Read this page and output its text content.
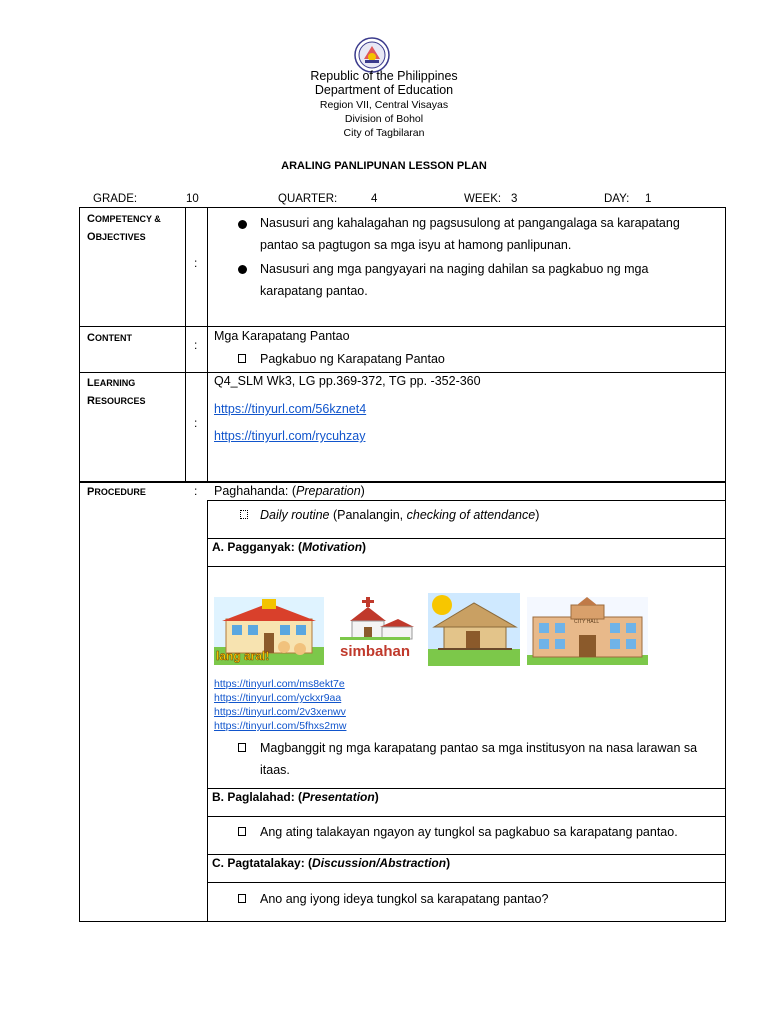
Republic of the Philippines
Department of Education
Region VII, Central Visayas
Division of Bohol
City of Tagbilaran
ARALING PANLIPUNAN LESSON PLAN
GRADE:	10	QUARTER:	4	WEEK: 3	DAY: 1
COMPETENCY &
OBJECTIVES
:
Nasusuri ang kahalagahan ng pagsusulong at pangangalaga sa karapatang
pantao sa pagtugon sa mga isyu at hamong panlipunan.
Nasusuri ang mga pangyayari na naging dahilan sa pagkabuo ng mga
karapatang pantao.
CONTENT	:
Mga Karapatang Pantao
Pagkabuo ng Karapatang Pantao
LEARNING
RESOURCES
:
Q4_SLM Wk3, LG pp.369-372, TG pp. -352-360
https://tinyurl.com/56kznet4
https://tinyurl.com/rycuhzay
PROCEDURE	: Paghahanda: (Preparation)
Daily routine (Panalangin, checking of attendance)
A. Pagganyak: (Motivation)
lang aral!	simbahan
CITY HALL
https://tinyurl.com/ms8ekt7e
https://tinyurl.com/yckxr9aa
https://tinyurl.com/2v3xenwv
https://tinyurl.com/5fhxs2mw
Magbanggit ng mga karapatang pantao sa mga institusyon na nasa larawan sa
itaas.
B. Paglalahad: (Presentation)
Ang ating talakayan ngayon ay tungkol sa pagkabuo sa karapatang pantao.
C. Pagtatalakay: (Discussion/Abstraction)
Ano ang iyong ideya tungkol sa karapatang pantao?
